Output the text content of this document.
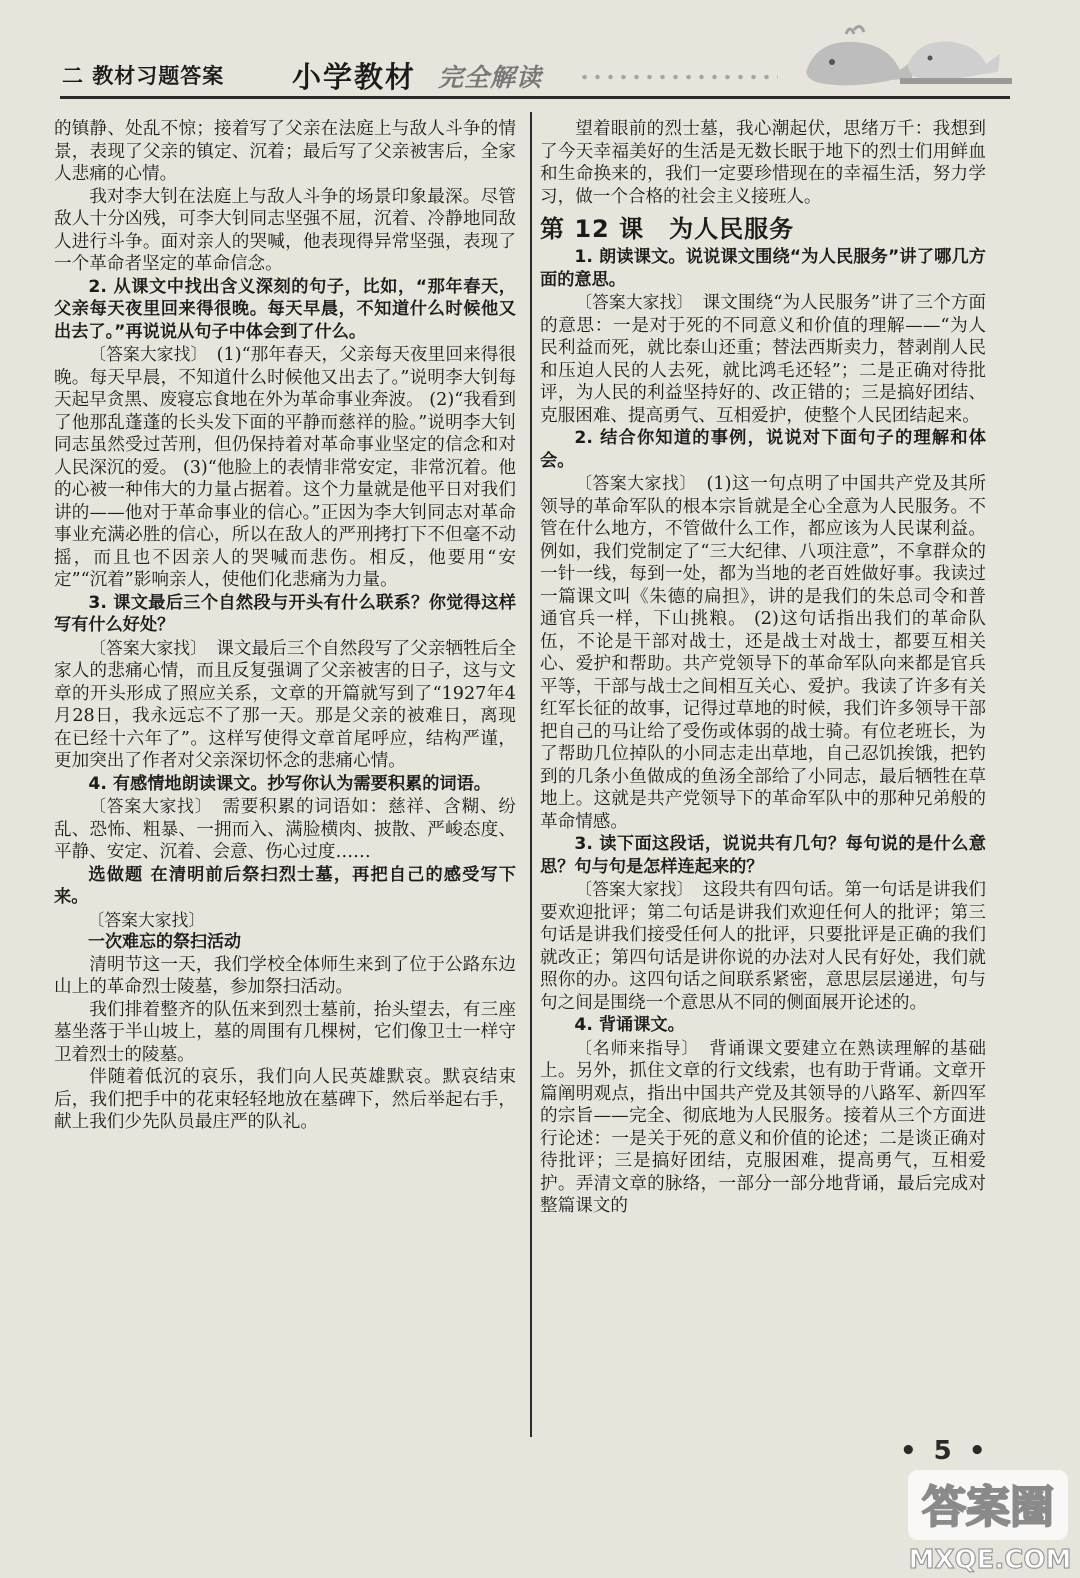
二 教材习题答案 小学教材 完全解读

的镇静、处乱不惊；接着写了父亲在法庭上与敌人斗争的情景，表现了父亲的镇定、沉着；最后写了父亲被害后，全家人悲痛的心情。

我对李大钊在法庭上与敌人斗争的场景印象最深。尽管敌人十分凶残，可李大钊同志坚强不屈，沉着、冷静地同敌人进行斗争。面对亲人的哭喊，他表现得异常坚强，表现了一个革命者坚定的革命信念。

2. 从课文中找出含义深刻的句子，比如，“那年春天，父亲每天夜里回来得很晚。每天早晨，不知道什么时候他又出去了。”再说说从句子中体会到了什么。

〔答案大家找〕　 (1)“那年春天，父亲每天夜里回来得很晚。每天早晨，不知道什么时候他又出去了。”说明李大钊每天起早贪黑、废寝忘食地在外为革命事业奔波。 (2)“我看到了他那乱蓬蓬的长头发下面的平静而慈祥的脸。”说明李大钊同志虽然受过苦刑，但仍保持着对革命事业坚定的信念和对人民深沉的爱。 (3)“他脸上的表情非常安定，非常沉着。他的心被一种伟大的力量占据着。这个力量就是他平日对我们讲的——他对于革命事业的信心。”正因为李大钊同志对革命事业充满必胜的信心，所以在敌人的严刑拷打下不但毫不动摇，而且也不因亲人的哭喊而悲伤。相反，他要用“安定”“沉着”影响亲人，使他们化悲痛为力量。

3. 课文最后三个自然段与开头有什么联系？你觉得这样写有什么好处？

〔答案大家找〕　 课文最后三个自然段写了父亲牺牲后全家人的悲痛心情，而且反复强调了父亲被害的日子，这与文章的开头形成了照应关系，文章的开篇就写到了“1927年4月28日，我永远忘不了那一天。那是父亲的被难日，离现在已经十六年了”。这样写使得文章首尾呼应，结构严谨，更加突出了作者对父亲深切怀念的悲痛心情。

4. 有感情地朗读课文。抄写你认为需要积累的词语。

〔答案大家找〕　 需要积累的词语如：慈祥、含糊、纷乱、恐怖、粗暴、一拥而入、满脸横肉、披散、严峻态度、平静、安定、沉着、会意、伤心过度……

选做题 在清明前后祭扫烈士墓，再把自己的感受写下来。

〔答案大家找〕

一次难忘的祭扫活动

清明节这一天，我们学校全体师生来到了位于公路东边山上的革命烈士陵墓，参加祭扫活动。

我们排着整齐的队伍来到烈士墓前，抬头望去，有三座墓坐落于半山坡上，墓的周围有几棵树，它们像卫士一样守卫着烈士的陵墓。

伴随着低沉的哀乐，我们向人民英雄默哀。默哀结束后，我们把手中的花束轻轻地放在墓碑下，然后举起右手，献上我们少先队员最庄严的队礼。

望着眼前的烈士墓，我心潮起伏，思绪万千：我想到了今天幸福美好的生活是无数长眠于地下的烈士们用鲜血和生命换来的，我们一定要珍惜现在的幸福生活，努力学习，做一个合格的社会主义接班人。

第 12 课　为人民服务

1. 朗读课文。说说课文围绕“为人民服务”讲了哪几方面的意思。

〔答案大家找〕　 课文围绕“为人民服务”讲了三个方面的意思：一是对于死的不同意义和价值的理解——“为人民利益而死，就比泰山还重；替法西斯卖力，替剥削人民和压迫人民的人去死，就比鸿毛还轻”；二是正确对待批评，为人民的利益坚持好的、改正错的；三是搞好团结、克服困难、提高勇气、互相爱护，使整个人民团结起来。

2. 结合你知道的事例，说说对下面句子的理解和体会。

〔答案大家找〕　 (1)这一句点明了中国共产党及其所领导的革命军队的根本宗旨就是全心全意为人民服务。不管在什么地方，不管做什么工作，都应该为人民谋利益。例如，我们党制定了“三大纪律、八项注意”，不拿群众的一针一线，每到一处，都为当地的老百姓做好事。我读过一篇课文叫《朱德的扁担》，讲的是我们的朱总司令和普通官兵一样，下山挑粮。 (2)这句话指出我们的革命队伍，不论是干部对战士，还是战士对战士，都要互相关心、爱护和帮助。共产党领导下的革命军队向来都是官兵平等，干部与战士之间相互关心、爱护。我读了许多有关红军长征的故事，记得过草地的时候，我们许多领导干部把自己的马让给了受伤或体弱的战士骑。有位老班长，为了帮助几位掉队的小同志走出草地，自己忍饥挨饿，把钓到的几条小鱼做成的鱼汤全部给了小同志，最后牺牲在草地上。这就是共产党领导下的革命军队中的那种兄弟般的革命情感。

3. 读下面这段话，说说共有几句？每句说的是什么意思？句与句是怎样连起来的？

〔答案大家找〕　 这段共有四句话。第一句话是讲我们要欢迎批评；第二句话是讲我们欢迎任何人的批评；第三句话是讲我们接受任何人的批评，只要批评是正确的我们就改正；第四句话是讲你说的办法对人民有好处，我们就照你的办。这四句话之间联系紧密，意思层层递进，句与句之间是围绕一个意思从不同的侧面展开论述的。

4. 背诵课文。

〔名师来指导〕　 背诵课文要建立在熟读理解的基础上。另外，抓住文章的行文线索，也有助于背诵。文章开篇阐明观点，指出中国共产党及其领导的八路军、新四军的宗旨——完全、彻底地为人民服务。接着从三个方面进行论述：一是关于死的意义和价值的论述；二是谈正确对待批评；三是搞好团结，克服困难，提高勇气，互相爱护。弄清文章的脉络，一部分一部分地背诵，最后完成对整篇课文的

• 5 •
答案圈
MXQE.COM
